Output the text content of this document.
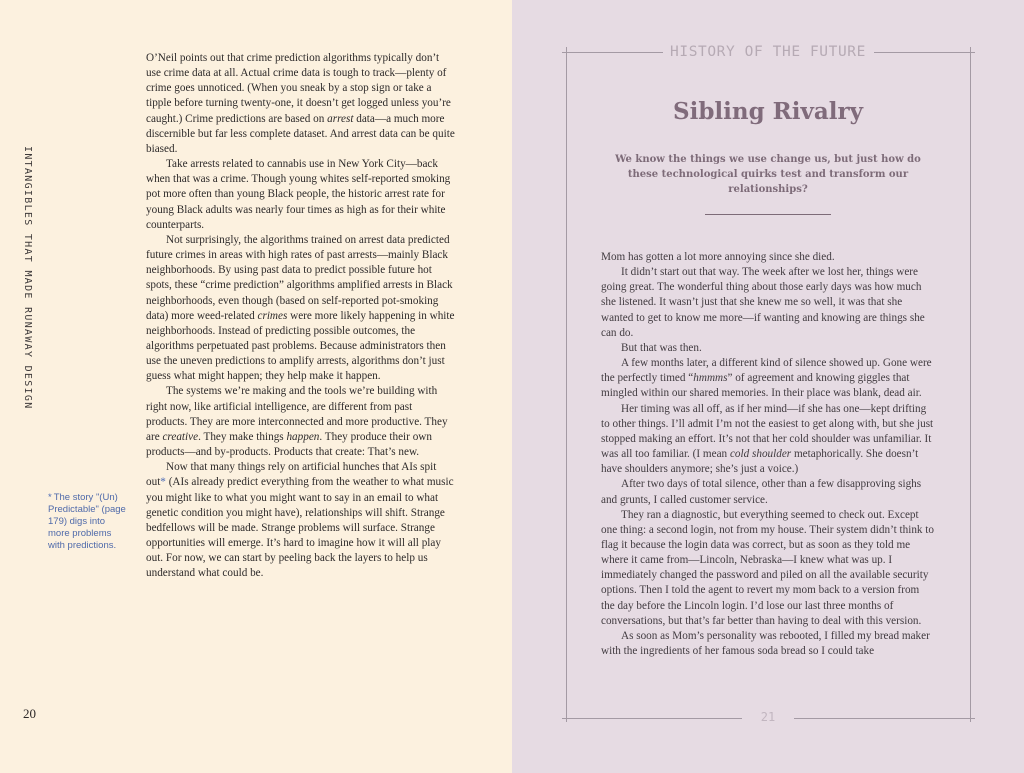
INTANGIBLES THAT MADE RUNAWAY DESIGN

O’Neil points out that crime prediction algorithms typically don’t use crime data at all. Actual crime data is tough to track—plenty of crime goes unnoticed. (When you sneak by a stop sign or take a tipple before turning twenty-one, it doesn’t get logged unless you’re caught.) Crime predictions are based on arrest data—a much more discernible but far less complete dataset. And arrest data can be quite biased.

Take arrests related to cannabis use in New York City—back when that was a crime. Though young whites self-reported smoking pot more often than young Black people, the historic arrest rate for young Black adults was nearly four times as high as for their white counterparts.

Not surprisingly, the algorithms trained on arrest data predicted future crimes in areas with high rates of past arrests—mainly Black neighborhoods. By using past data to predict possible future hot spots, these “crime prediction” algorithms amplified arrests in Black neighborhoods, even though (based on self-reported pot-smoking data) more weed-related crimes were more likely happening in white neighborhoods. Instead of predicting possible outcomes, the algorithms perpetuated past problems. Because administrators then use the uneven predictions to amplify arrests, algorithms don’t just guess what might happen; they help make it happen.

The systems we’re making and the tools we’re building with right now, like artificial intelligence, are different from past products. They are more interconnected and more productive. They are creative. They make things happen. They produce their own products—and by-products. Products that create: That’s new.

Now that many things rely on artificial hunches that AIs spit out* (AIs already predict everything from the weather to what music you might like to what you might want to say in an email to what genetic condition you might have), relationships will shift. Strange bedfellows will be made. Strange problems will surface. Strange opportunities will emerge. It’s hard to imagine how it will all play out. For now, we can start by peeling back the layers to help us understand what could be.

* The story "(Un) Predictable" (page 179) digs into more problems with predictions.
20
HISTORY OF THE FUTURE
Sibling Rivalry
We know the things we use change us, but just how do these technological quirks test and transform our relationships?

Mom has gotten a lot more annoying since she died.

It didn’t start out that way. The week after we lost her, things were going great. The wonderful thing about those early days was how much she listened. It wasn’t just that she knew me so well, it was that she wanted to get to know me more—if wanting and knowing are things she can do.

But that was then.

A few months later, a different kind of silence showed up. Gone were the perfectly timed “hmmms” of agreement and knowing giggles that mingled within our shared memories. In their place was blank, dead air.

Her timing was all off, as if her mind—if she has one—kept drifting to other things. I’ll admit I’m not the easiest to get along with, but she just stopped making an effort. It’s not that her cold shoulder was unfamiliar. It was all too familiar. (I mean cold shoulder metaphorically. She doesn’t have shoulders anymore; she’s just a voice.)

After two days of total silence, other than a few disapproving sighs and grunts, I called customer service.

They ran a diagnostic, but everything seemed to check out. Except one thing: a second login, not from my house. Their system didn’t think to flag it because the login data was correct, but as soon as they told me where it came from—Lincoln, Nebraska—I knew what was up. I immediately changed the password and piled on all the available security options. Then I told the agent to revert my mom back to a version from the day before the Lincoln login. I’d lose our last three months of conversations, but that’s far better than having to deal with this version.

As soon as Mom’s personality was rebooted, I filled my bread maker with the ingredients of her famous soda bread so I could take

21
